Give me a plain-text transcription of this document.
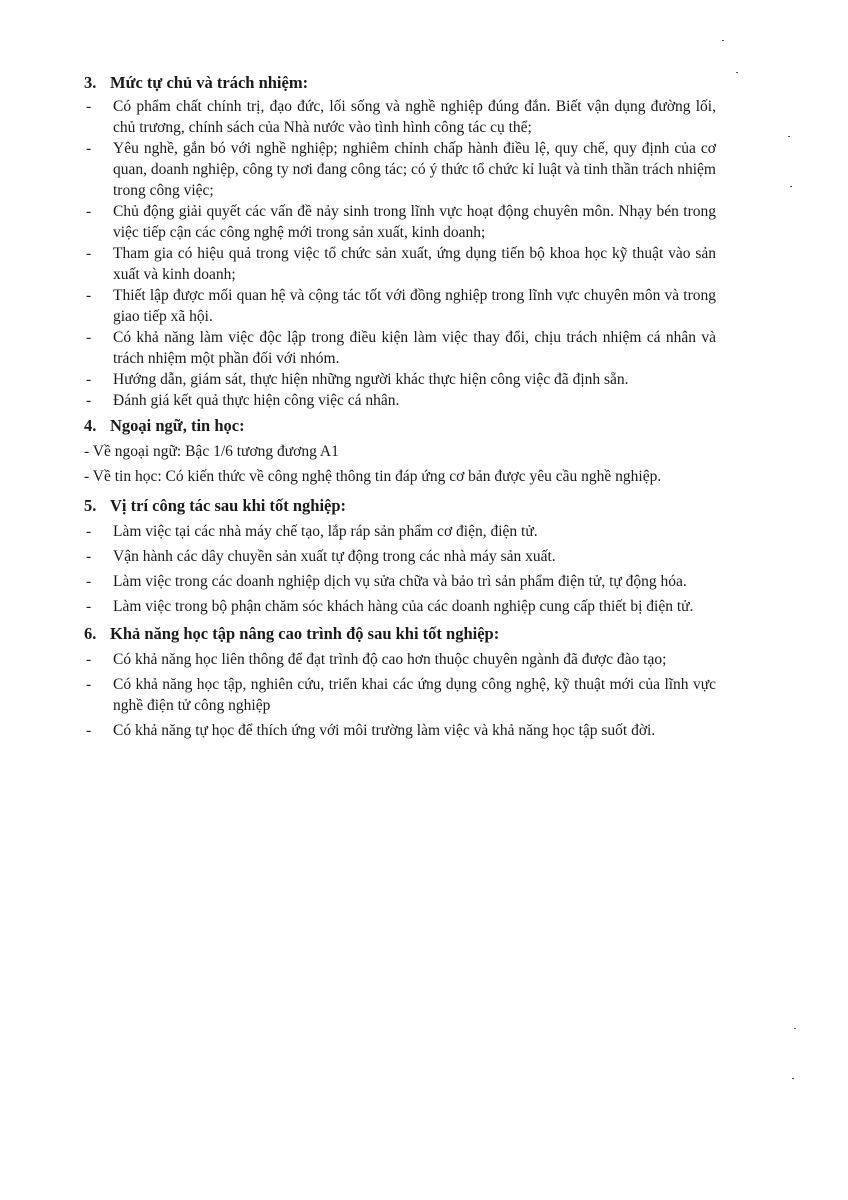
3. Mức tự chủ và trách nhiệm:
-	Có phẩm chất chính trị, đạo đức, lối sống và nghề nghiệp đúng đắn. Biết vận dụng đường lối, chủ trương, chính sách của Nhà nước vào tình hình công tác cụ thể;
-	Yêu nghề, gắn bó với nghề nghiệp; nghiêm chỉnh chấp hành điều lệ, quy chế, quy định của cơ quan, doanh nghiệp, công ty nơi đang công tác; có ý thức tổ chức kỉ luật và tinh thần trách nhiệm trong công việc;
-	Chủ động giải quyết các vấn đề nảy sinh trong lĩnh vực hoạt động chuyên môn. Nhạy bén trong việc tiếp cận các công nghệ mới trong sản xuất, kinh doanh;
-	Tham gia có hiệu quả trong việc tổ chức sản xuất, ứng dụng tiến bộ khoa học kỹ thuật vào sản xuất và kinh doanh;
-	Thiết lập được mối quan hệ và cộng tác tốt với đồng nghiệp trong lĩnh vực chuyên môn và trong giao tiếp xã hội.
-	Có khả năng làm việc độc lập trong điều kiện làm việc thay đổi, chịu trách nhiệm cá nhân và trách nhiệm một phần đối với nhóm.
-	Hướng dẫn, giám sát, thực hiện những người khác thực hiện công việc đã định sẵn.
-	Đánh giá kết quả thực hiện công việc cá nhân.
4. Ngoại ngữ, tin học:
- Về ngoại ngữ: Bậc 1/6 tương đương A1
- Về tin học: Có kiến thức về công nghệ thông tin đáp ứng cơ bản được yêu cầu nghề nghiệp.
5. Vị trí công tác sau khi tốt nghiệp:
-	Làm việc tại các nhà máy chế tạo, lắp ráp sản phẩm cơ điện, điện tử.
-	Vận hành các dây chuyền sản xuất tự động trong các nhà máy sản xuất.
-	Làm việc trong các doanh nghiệp dịch vụ sửa chữa và bảo trì sản phẩm điện tử, tự động hóa.
-	Làm việc trong bộ phận chăm sóc khách hàng của các doanh nghiệp cung cấp thiết bị điện tử.
6. Khả năng học tập nâng cao trình độ sau khi tốt nghiệp:
-	Có khả năng học liên thông để đạt trình độ cao hơn thuộc chuyên ngành đã được đào tạo;
-	Có khả năng học tập, nghiên cứu, triển khai các ứng dụng công nghệ, kỹ thuật mới của lĩnh vực nghề điện tử công nghiệp
-	Có khả năng tự học để thích ứng với môi trường làm việc và khả năng học tập suốt đời.
